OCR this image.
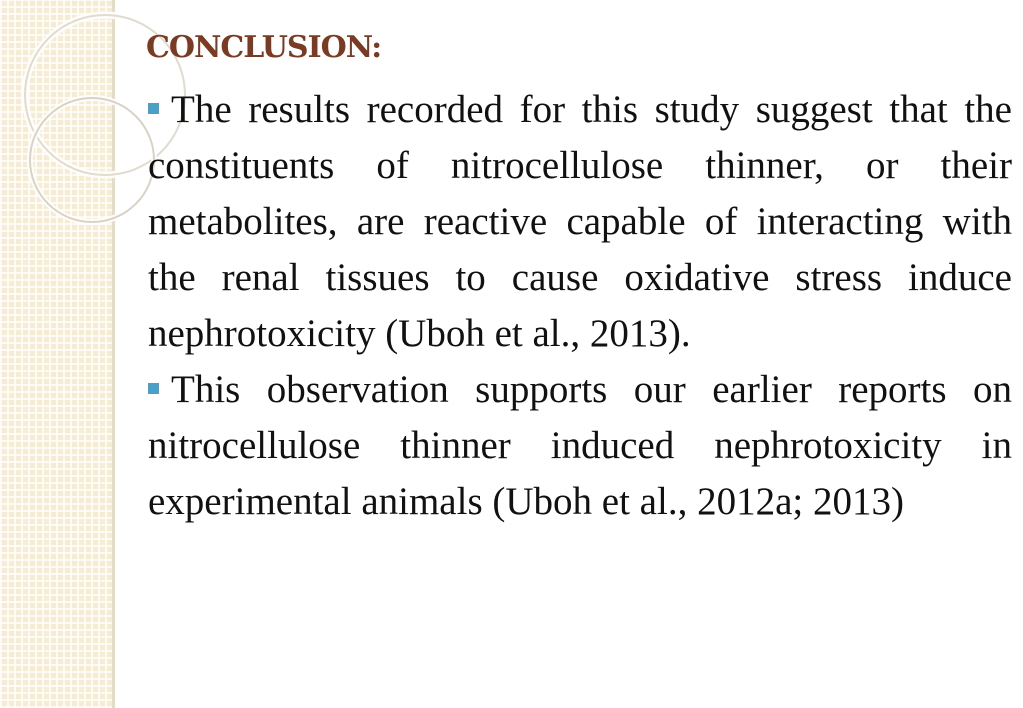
CONCLUSION:

The results recorded for this study suggest that the constituents of nitrocellulose thinner, or their metabolites, are reactive capable of interacting with the renal tissues to cause oxidative stress induce nephrotoxicity (Uboh et al., 2013).

This observation supports our earlier reports on nitrocellulose thinner induced nephrotoxicity in experimental animals (Uboh et al., 2012a; 2013)
